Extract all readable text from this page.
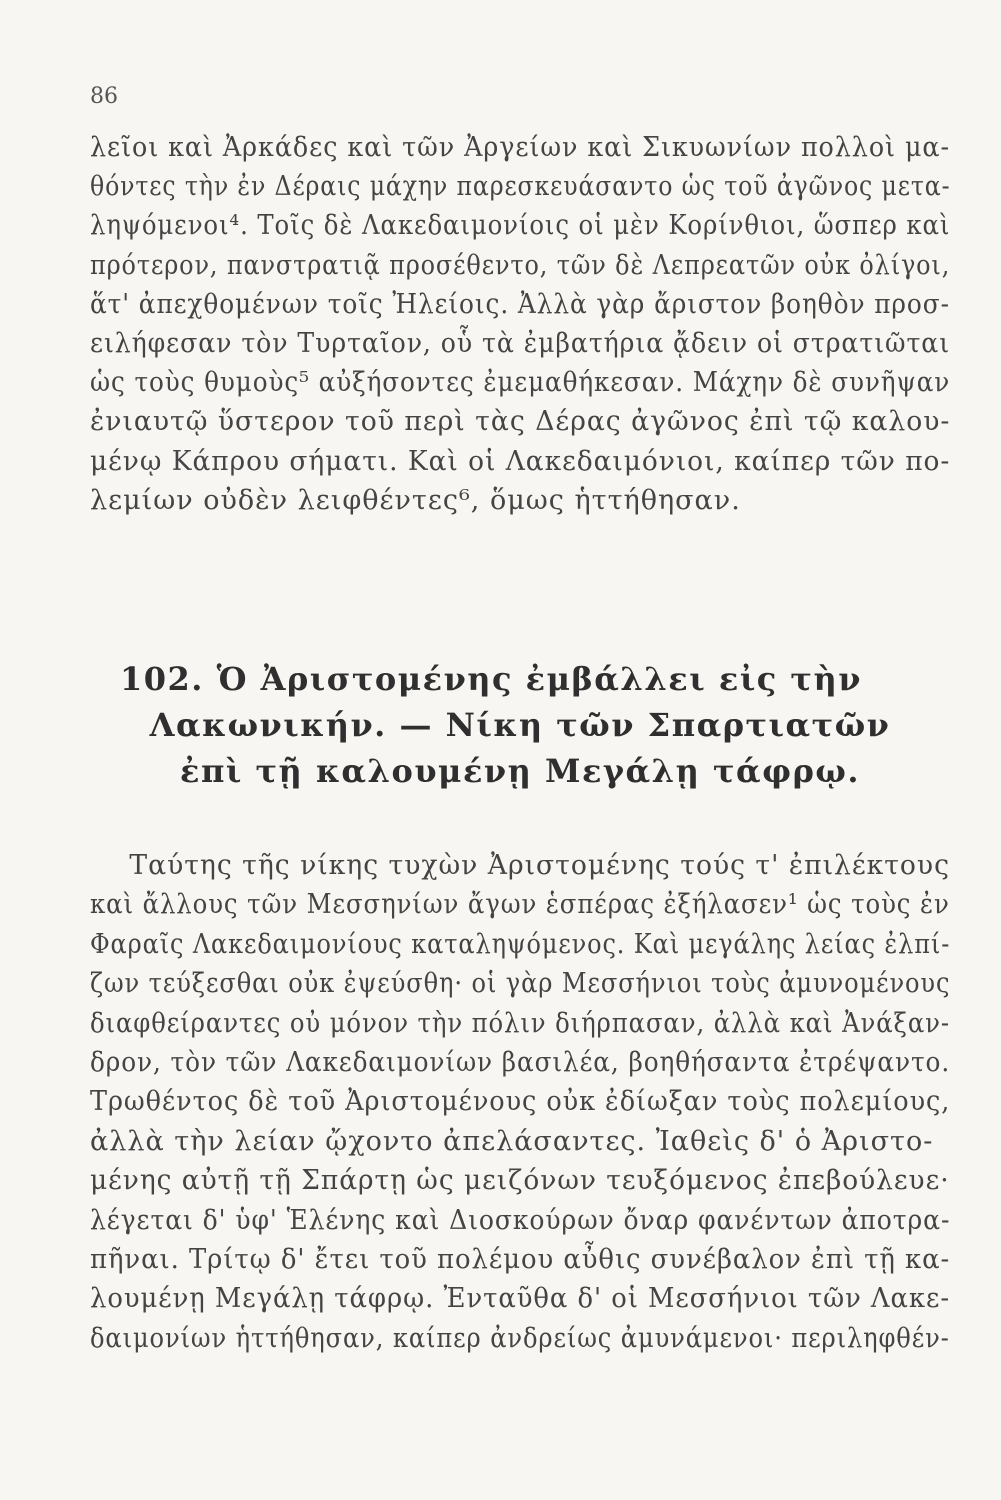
86
λεῖοι καὶ Ἀρκάδες καὶ τῶν Ἀργείων καὶ Σικυωνίων πολλοὶ μα-
θόντες τὴν ἐν Δέραις μάχην παρεσκευάσαντο ὡς τοῦ ἀγῶνος μετα-
ληψόμενοι⁴. Τοῖς δὲ Λακεδαιμονίοις οἱ μὲν Κορίνθιοι, ὥσπερ καὶ
πρότερον, πανστρατιᾷ προσέθεντο, τῶν δὲ Λεπρεατῶν οὐκ ὀλίγοι,
ἅτ' ἀπεχθομένων τοῖς Ἠλείοις. Ἀλλὰ γὰρ ἄριστον βοηθὸν προσ-
ειλήφεσαν τὸν Τυρταῖον, οὗ τὰ ἐμβατήρια ᾄδειν οἱ στρατιῶται
ὡς τοὺς θυμοὺς⁵ αὐξήσοντες ἐμεμαθήκεσαν. Μάχην δὲ συνῆψαν
ἐνιαυτῷ ὕστερον τοῦ περὶ τὰς Δέρας ἀγῶνος ἐπὶ τῷ καλου-
μένῳ Κάπρου σήματι. Καὶ οἱ Λακεδαιμόνιοι, καίπερ τῶν πο-
λεμίων οὐδὲν λειφθέντες⁶, ὅμως ἡττήθησαν.
102. Ὁ Ἀριστομένης ἐμβάλλει εἰς τὴν
Λακωνικήν. — Νίκη τῶν Σπαρτιατῶν
ἐπὶ τῇ καλουμένῃ Μεγάλῃ τάφρῳ.
Ταύτης τῆς νίκης τυχὼν Ἀριστομένης τούς τ' ἐπιλέκτους
καὶ ἄλλους τῶν Μεσσηνίων ἄγων ἑσπέρας ἐξήλασεν¹ ὡς τοὺς ἐν
Φαραῖς Λακεδαιμονίους καταληψόμενος. Καὶ μεγάλης λείας ἐλπί-
ζων τεύξεσθαι οὐκ ἐψεύσθη· οἱ γὰρ Μεσσήνιοι τοὺς ἀμυνομένους
διαφθείραντες οὐ μόνον τὴν πόλιν διήρπασαν, ἀλλὰ καὶ Ἀνάξαν-
δρον, τὸν τῶν Λακεδαιμονίων βασιλέα, βοηθήσαντα ἐτρέψαντο.
Τρωθέντος δὲ τοῦ Ἀριστομένους οὐκ ἐδίωξαν τοὺς πολεμίους,
ἀλλὰ τὴν λείαν ᾤχοντο ἀπελάσαντες. Ἰαθεὶς δ' ὁ Ἀριστο-
μένης αὐτῇ τῇ Σπάρτῃ ὡς μειζόνων τευξόμενος ἐπεβούλευε·
λέγεται δ' ὑφ' Ἑλένης καὶ Διοσκούρων ὄναρ φανέντων ἀποτρα-
πῆναι. Τρίτῳ δ' ἔτει τοῦ πολέμου αὖθις συνέβαλον ἐπὶ τῇ κα-
λουμένῃ Μεγάλῃ τάφρῳ. Ἐνταῦθα δ' οἱ Μεσσήνιοι τῶν Λακε-
δαιμονίων ἡττήθησαν, καίπερ ἀνδρείως ἀμυνάμενοι· περιληφθέν-
